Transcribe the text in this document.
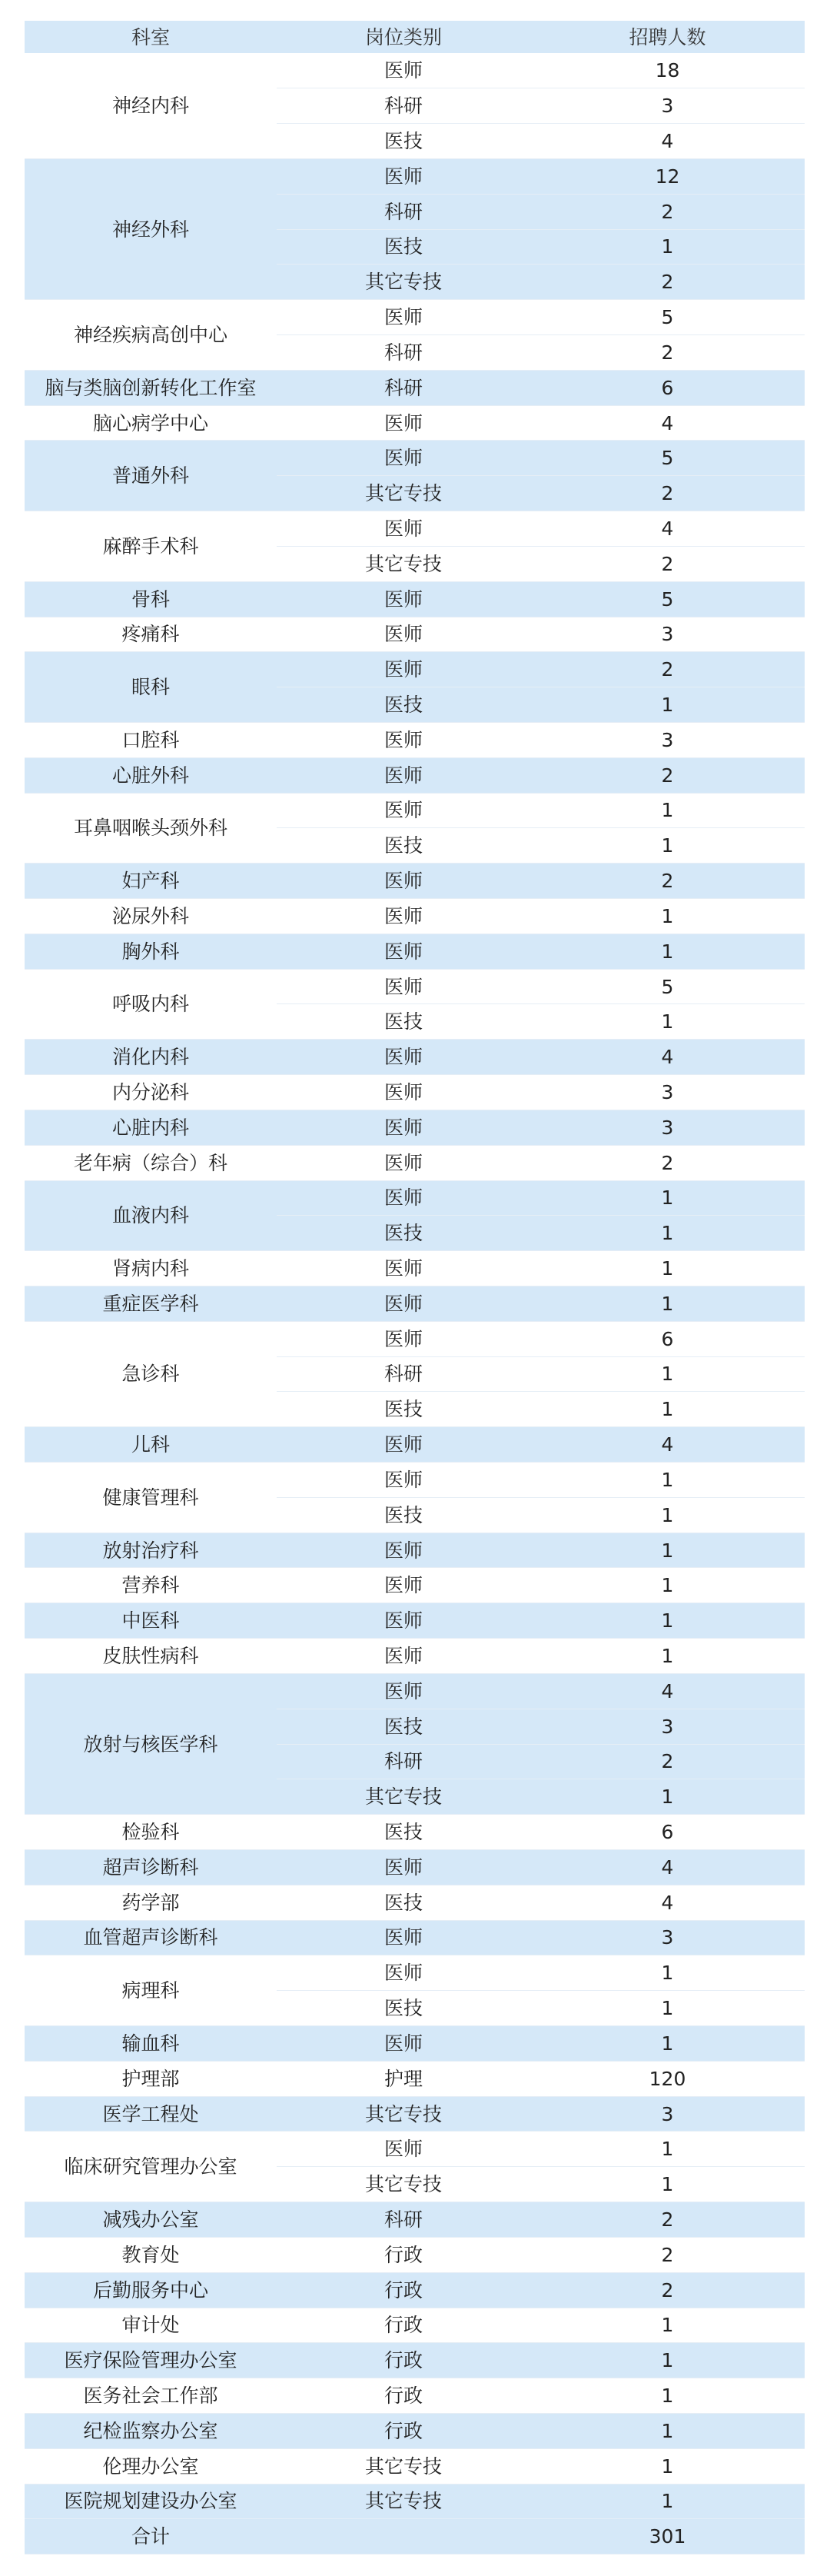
科室	岗位类别	招聘人数
神经内科	医师	18
	科研	3
	医技	4
神经外科	医师	12
	科研	2
	医技	1
	其它专技	2
神经疾病高创中心	医师	5
	科研	2
脑与类脑创新转化工作室	科研	6
脑心病学中心	医师	4
普通外科	医师	5
	其它专技	2
麻醉手术科	医师	4
	其它专技	2
骨科	医师	5
疼痛科	医师	3
眼科	医师	2
	医技	1
口腔科	医师	3
心脏外科	医师	2
耳鼻咽喉头颈外科	医师	1
	医技	1
妇产科	医师	2
泌尿外科	医师	1
胸外科	医师	1
呼吸内科	医师	5
	医技	1
消化内科	医师	4
内分泌科	医师	3
心脏内科	医师	3
老年病（综合）科	医师	2
血液内科	医师	1
	医技	1
肾病内科	医师	1
重症医学科	医师	1
急诊科	医师	6
	科研	1
	医技	1
儿科	医师	4
健康管理科	医师	1
	医技	1
放射治疗科	医师	1
营养科	医师	1
中医科	医师	1
皮肤性病科	医师	1
放射与核医学科	医师	4
	医技	3
	科研	2
	其它专技	1
检验科	医技	6
超声诊断科	医师	4
药学部	医技	4
血管超声诊断科	医师	3
病理科	医师	1
	医技	1
输血科	医师	1
护理部	护理	120
医学工程处	其它专技	3
临床研究管理办公室	医师	1
	其它专技	1
减残办公室	科研	2
教育处	行政	2
后勤服务中心	行政	2
审计处	行政	1
医疗保险管理办公室	行政	1
医务社会工作部	行政	1
纪检监察办公室	行政	1
伦理办公室	其它专技	1
医院规划建设办公室	其它专技	1
合计		301
